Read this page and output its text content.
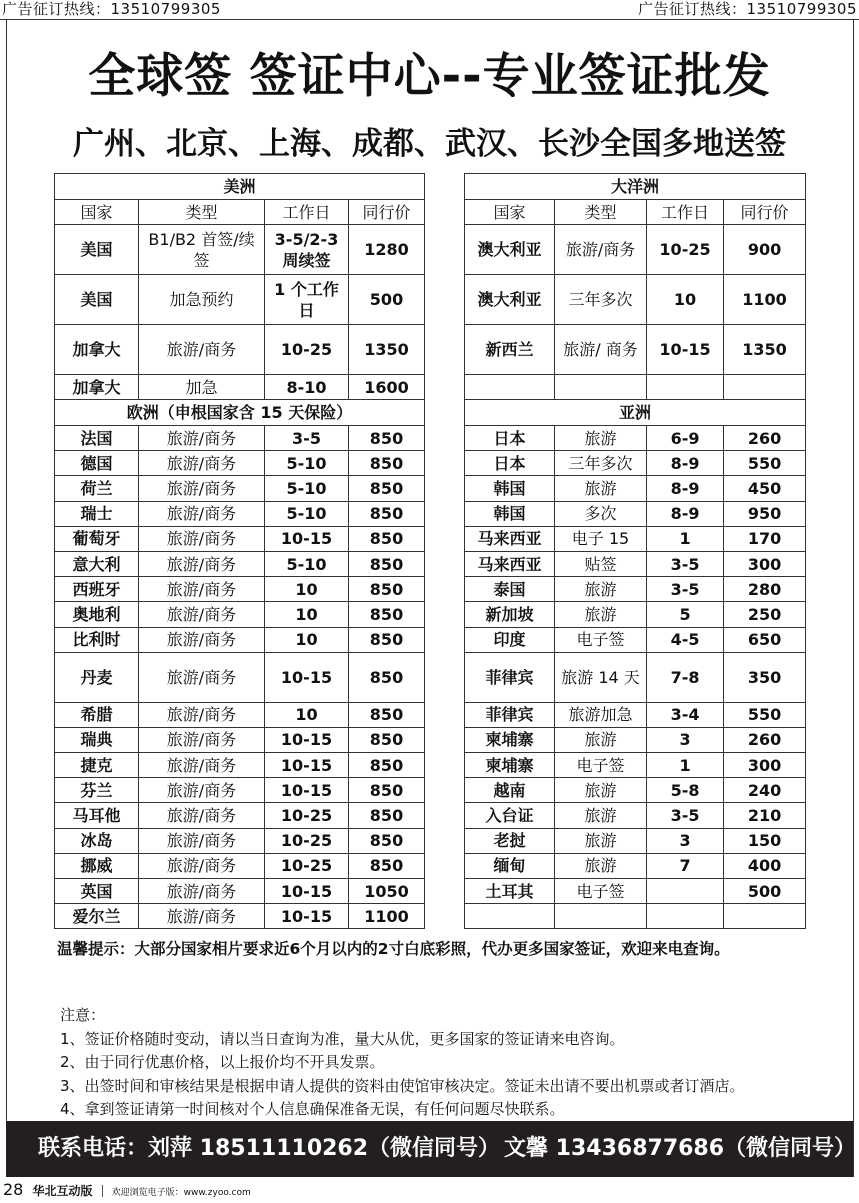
广告征订热线：13510799305	广告征订热线：13510799305
全球签 签证中心--专业签证批发
广州、北京、上海、成都、武汉、长沙全国多地送签
美洲					大洋洲			
国家	类型	工作日	同行价		国家	类型	工作日	同行价
美国	B1/B2 首签/续签	3-5/2-3 周续签	1280		澳大利亚	旅游/商务	10-25	900
美国	加急预约	1 个工作日	500		澳大利亚	三年多次	10	1100
加拿大	旅游/商务	10-25	1350		新西兰	旅游/ 商务	10-15	1350
加拿大	加急	8-10	1600					
欧洲（申根国家含 15 天保险）					亚洲			
法国	旅游/商务	3-5	850		日本	旅游	6-9	260
德国	旅游/商务	5-10	850		日本	三年多次	8-9	550
荷兰	旅游/商务	5-10	850		韩国	旅游	8-9	450
瑞士	旅游/商务	5-10	850		韩国	多次	8-9	950
葡萄牙	旅游/商务	10-15	850		马来西亚	电子 15	1	170
意大利	旅游/商务	5-10	850		马来西亚	贴签	3-5	300
西班牙	旅游/商务	10	850		泰国	旅游	3-5	280
奥地利	旅游/商务	10	850		新加坡	旅游	5	250
比利时	旅游/商务	10	850		印度	电子签	4-5	650
丹麦	旅游/商务	10-15	850		菲律宾	旅游 14 天	7-8	350
希腊	旅游/商务	10	850		菲律宾	旅游加急	3-4	550
瑞典	旅游/商务	10-15	850		柬埔寨	旅游	3	260
捷克	旅游/商务	10-15	850		柬埔寨	电子签	1	300
芬兰	旅游/商务	10-15	850		越南	旅游	5-8	240
马耳他	旅游/商务	10-25	850		入台证	旅游	3-5	210
冰岛	旅游/商务	10-25	850		老挝	旅游	3	150
挪威	旅游/商务	10-25	850		缅甸	旅游	7	400
英国	旅游/商务	10-15	1050		土耳其	电子签		500
爱尔兰	旅游/商务	10-15	1100					
温馨提示：大部分国家相片要求近6个月以内的2寸白底彩照，代办更多国家签证，欢迎来电查询。
注意：
1、签证价格随时变动，请以当日查询为准，量大从优，更多国家的签证请来电咨询。
2、由于同行优惠价格，以上报价均不开具发票。
3、出签时间和审核结果是根据申请人提供的资料由使馆审核决定。签证未出请不要出机票或者订酒店。
4、拿到签证请第一时间核对个人信息确保准备无误，有任何问题尽快联系。
联系电话：刘萍 18511110262（微信同号） 文馨 13436877686（微信同号）
28 华北互动版 欢迎浏览电子版：www.zyoo.com
